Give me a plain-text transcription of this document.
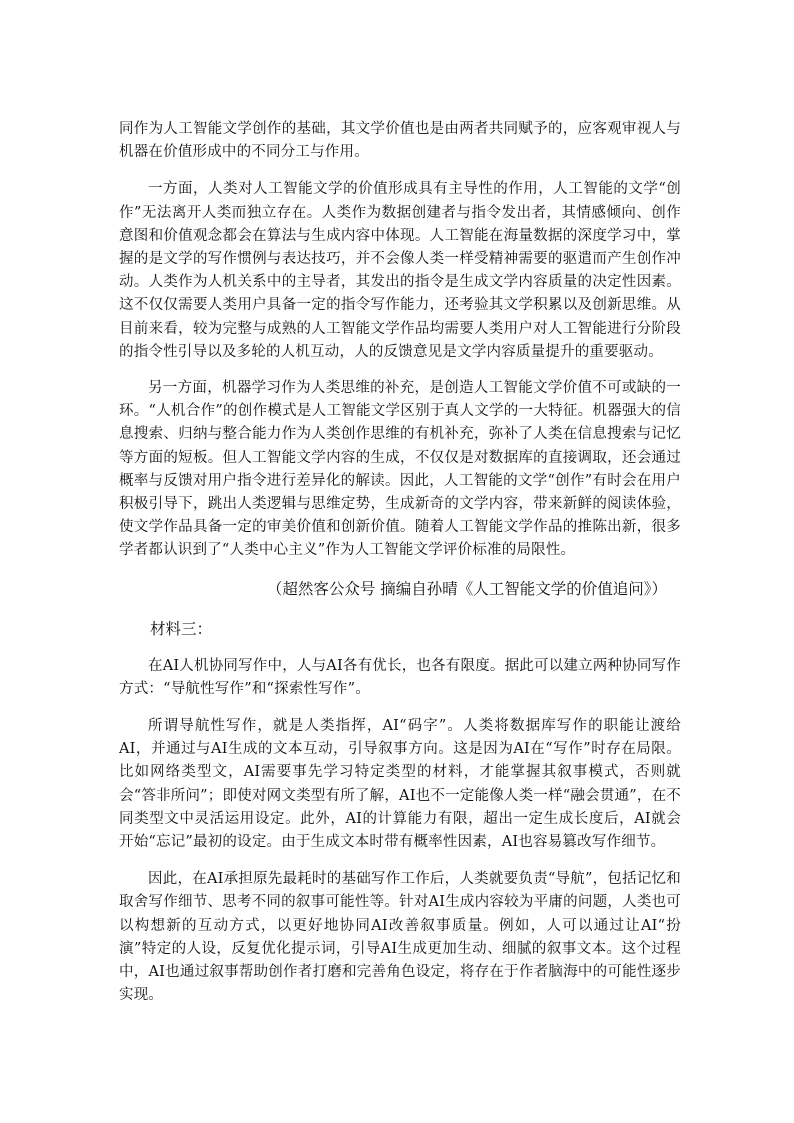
同作为人工智能文学创作的基础，其文学价值也是由两者共同赋予的，应客观审视人与机器在价值形成中的不同分工与作用。

一方面，人类对人工智能文学的价值形成具有主导性的作用，人工智能的文学“创作”无法离开人类而独立存在。人类作为数据创建者与指令发出者，其情感倾向、创作意图和价值观念都会在算法与生成内容中体现。人工智能在海量数据的深度学习中，掌握的是文学的写作惯例与表达技巧，并不会像人类一样受精神需要的驱遣而产生创作冲动。人类作为人机关系中的主导者，其发出的指令是生成文学内容质量的决定性因素。这不仅仅需要人类用户具备一定的指令写作能力，还考验其文学积累以及创新思维。从目前来看，较为完整与成熟的人工智能文学作品均需要人类用户对人工智能进行分阶段的指令性引导以及多轮的人机互动，人的反馈意见是文学内容质量提升的重要驱动。

另一方面，机器学习作为人类思维的补充，是创造人工智能文学价值不可或缺的一环。“人机合作”的创作模式是人工智能文学区别于真人文学的一大特征。机器强大的信息搜索、归纳与整合能力作为人类创作思维的有机补充，弥补了人类在信息搜索与记忆等方面的短板。但人工智能文学内容的生成，不仅仅是对数据库的直接调取，还会通过概率与反馈对用户指令进行差异化的解读。因此，人工智能的文学“创作”有时会在用户积极引导下，跳出人类逻辑与思维定势，生成新奇的文学内容，带来新鲜的阅读体验，使文学作品具备一定的审美价值和创新价值。随着人工智能文学作品的推陈出新，很多学者都认识到了“人类中心主义”作为人工智能文学评价标准的局限性。

（超然客公众号 摘编自孙晴《人工智能文学的价值追问》）

材料三：

在AI人机协同写作中，人与AI各有优长，也各有限度。据此可以建立两种协同写作方式：“导航性写作”和“探索性写作”。

所谓导航性写作，就是人类指挥，AI“码字”。人类将数据库写作的职能让渡给AI，并通过与AI生成的文本互动，引导叙事方向。这是因为AI在“写作”时存在局限。比如网络类型文，AI需要事先学习特定类型的材料，才能掌握其叙事模式，否则就会“答非所问”；即使对网文类型有所了解，AI也不一定能像人类一样“融会贯通”，在不同类型文中灵活运用设定。此外，AI的计算能力有限，超出一定生成长度后，AI就会开始“忘记”最初的设定。由于生成文本时带有概率性因素，AI也容易篡改写作细节。

因此，在AI承担原先最耗时的基础写作工作后，人类就要负责“导航”，包括记忆和取舍写作细节、思考不同的叙事可能性等。针对AI生成内容较为平庸的问题，人类也可以构想新的互动方式，以更好地协同AI改善叙事质量。例如，人可以通过让AI“扮演”特定的人设，反复优化提示词，引导AI生成更加生动、细腻的叙事文本。这个过程中，AI也通过叙事帮助创作者打磨和完善角色设定，将存在于作者脑海中的可能性逐步实现。
